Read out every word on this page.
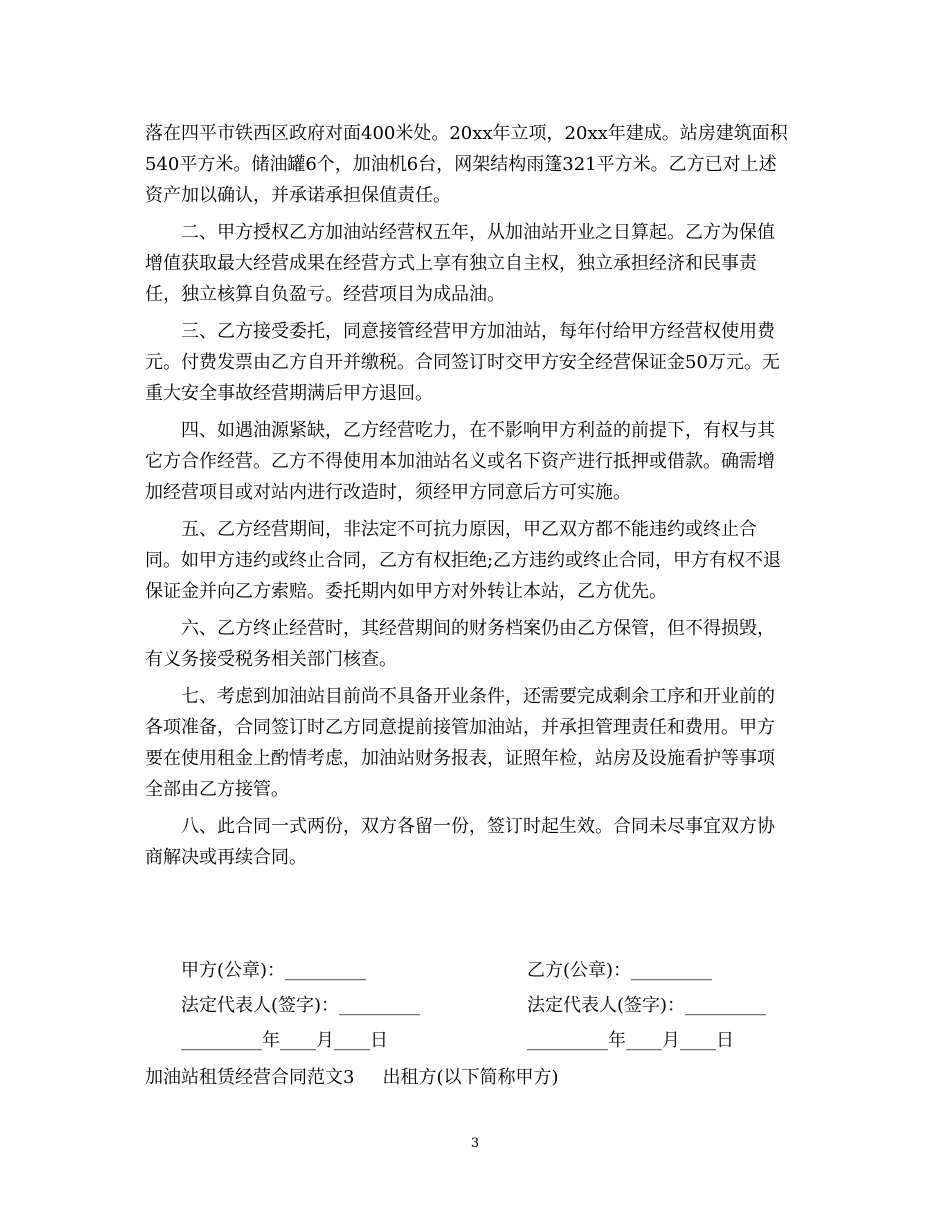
落在四平市铁西区政府对面400米处。20xx年立项，20xx年建成。站房建筑面积
540平方米。储油罐6个，加油机6台，网架结构雨篷321平方米。乙方已对上述
资产加以确认，并承诺承担保值责任。

二、甲方授权乙方加油站经营权五年，从加油站开业之日算起。乙方为保值
增值获取最大经营成果在经营方式上享有独立自主权，独立承担经济和民事责
任，独立核算自负盈亏。经营项目为成品油。

三、乙方接受委托，同意接管经营甲方加油站，每年付给甲方经营权使用费
元。付费发票由乙方自开并缴税。合同签订时交甲方安全经营保证金50万元。无
重大安全事故经营期满后甲方退回。

四、如遇油源紧缺，乙方经营吃力，在不影响甲方利益的前提下，有权与其
它方合作经营。乙方不得使用本加油站名义或名下资产进行抵押或借款。确需增
加经营项目或对站内进行改造时，须经甲方同意后方可实施。

五、乙方经营期间，非法定不可抗力原因，甲乙双方都不能违约或终止合
同。如甲方违约或终止合同，乙方有权拒绝;乙方违约或终止合同，甲方有权不退
保证金并向乙方索赔。委托期内如甲方对外转让本站，乙方优先。

六、乙方终止经营时，其经营期间的财务档案仍由乙方保管，但不得损毁，
有义务接受税务相关部门核查。

七、考虑到加油站目前尚不具备开业条件，还需要完成剩余工序和开业前的
各项准备，合同签订时乙方同意提前接管加油站，并承担管理责任和费用。甲方
要在使用租金上酌情考虑，加油站财务报表，证照年检，站房及设施看护等事项
全部由乙方接管。

八、此合同一式两份，双方各留一份，签订时起生效。合同未尽事宜双方协
商解决或再续合同。

甲方(公章)：_________	乙方(公章)：_________
法定代表人(签字)：_________	法定代表人(签字)：_________
_________年____月____日	_________年____月____日
加油站租赁经营合同范文3 出租方(以下简称甲方)
3
